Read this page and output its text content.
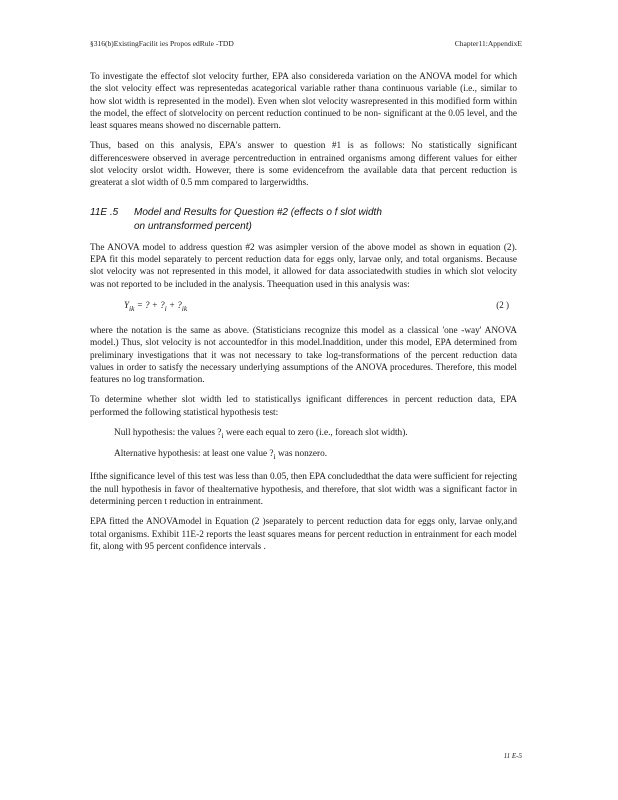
§316(b)ExistingFacilit ies Propos edRule -TDD	Chapter11:AppendixE

To investigate the effectof slot velocity further, EPA also considereda variation on the ANOVA model for which the slot velocity effect was representedas acategorical variable rather thana continuous variable (i.e., similar to how slot width is represented in the model). Even when slot velocity wasrepresented in this modified form within the model, the effect of slotvelocity on percent reduction continued to be non- significant at the 0.05 level, and the least squares means showed no discernable pattern.

Thus, based on this analysis, EPA's answer to question #1 is as follows: No statistically significant differenceswere observed in average percentreduction in entrained organisms among different values for either slot velocity orslot width. However, there is some evidencefrom the available data that percent reduction is greaterat a slot width of 0.5 mm compared to largerwidths.

11E .5 Model and Results for Question #2 (effects o f slot width
on untransformed percent)

The ANOVA model to address question #2 was asimpler version of the above model as shown in equation (2). EPA fit this model separately to percent reduction data for eggs only, larvae only, and total organisms. Because slot velocity was not represented in this model, it allowed for data associatedwith studies in which slot velocity was not reported to be included in the analysis. Theequation used in this analysis was:

$Y_{ik}$ = ? + $?_i$ + $?_{ik}$	(2 )

where the notation is the same as above. (Statisticians recognize this model as a classical 'one -way' ANOVA model.) Thus, slot velocity is not accountedfor in this model.Inaddition, under this model, EPA determined from preliminary investigations that it was not necessary to take log-transformations of the percent reduction data values in order to satisfy the necessary underlying assumptions of the ANOVA procedures. Therefore, this model features no log transformation.

To determine whether slot width led to statisticallys ignificant differences in percent reduction data, EPA performed the following statistical hypothesis test:

Null hypothesis: the values $?_i$ were each equal to zero (i.e., foreach slot width).
Alternative hypothesis: at least one value $?_i$ was nonzero.

Ifthe significance level of this test was less than 0.05, then EPA concludedthat the data were sufficient for rejecting the null hypothesis in favor of thealternative hypothesis, and therefore, that slot width was a significant factor in determining percen t reduction in entrainment.

EPA fitted the ANOVAmodel in Equation (2 )separately to percent reduction data for eggs only, larvae only,and total organisms. Exhibit 11E-2 reports the least squares means for percent reduction in entrainment for each model fit, along with 95 percent confidence intervals .

11 E-5
